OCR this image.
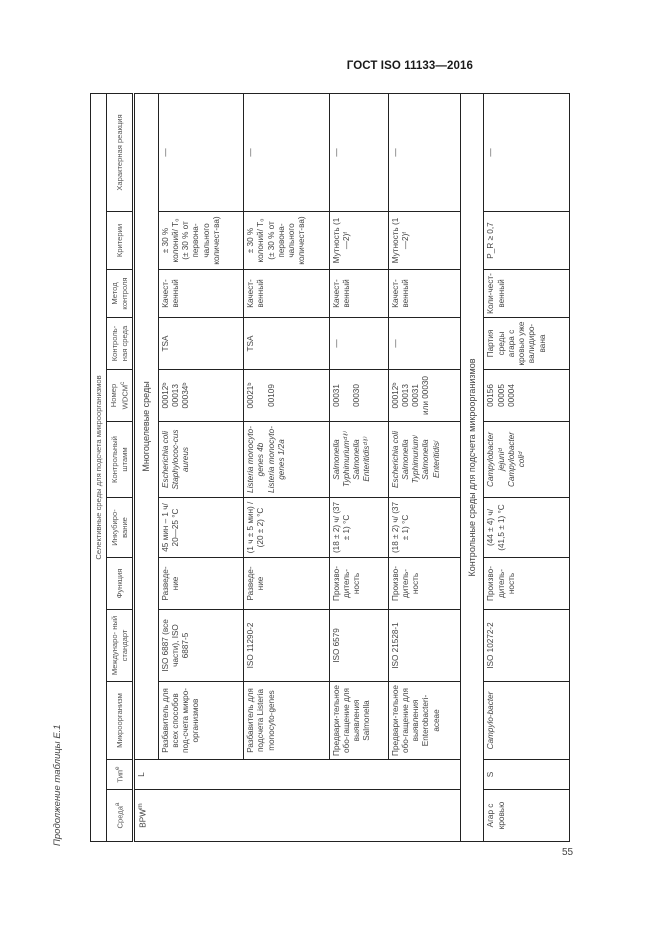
ГОСТ ISO 11133—2016
Продолжение таблицы Е.1
Селективные среды для подсчета микроорганизмов											
Среда$^a$	Тип$^e$	Микроорганизм	Междунаро- ный стандарт	Функция	Инкубиро- вание	Контрольный штамм	Номер WDCM$^c$	Контроль- ная среда	Метод контроля	Критерии	Характерная реакция
BPW$^m$	L	Многоцелевые среды									
		Разбавитель для всех способов под-счета микро-организмов	ISO 6887 (все части), ISO 6887-5	Разведе-ние	45 мин – 1 ч/ 20—25 °С	Escherichia coli
Staphylococ-cus aureus	00012ᵇ
00013
00034ᵇ	TSA	Качест-венный	± 30 % колоний/ T₀ (± 30 % от первона-чального количест-ва)	—
		Разбавитель для подсчета Listeria monocyto-genes	ISO 11290-2	Разведе-ние	(1 ч ± 5 мин) / (20 ± 2) °С	Listeria monocyto-genes 4b
Listeria monocyto-genes 1/2a	00021ᵇ 00109	TSA	Качест-венный	± 30 % колоний/ T₀ (± 30 % от первона-чального количест-ва)	—
		Предвари-тельное обо-гащение для выявления Salmonella	ISO 6579	Произво-дитель-ность	(18 ± 2) ч/ (37 ± 1) °С	Salmonella Typhimuriumᵈ⁾ʲ⁾
Salmonella Enteritidisᵈ⁾ʲ⁾	00031 00030	—	Качест-венный	Мутность (1—2)ᶠ	—
		Предвари-тельное обо-гащение для выявления Enterobacteri-aceae	ISO 21528-1	Произво-дитель-ность	(18 ± 2) ч/ (37 ± 1) °С	Escherichia coli
Salmonella Typhimuriumʲ
Salmonella Enteritidisʲ	00012ᵇ
00013
00031
или 00030	—	Качест-венный	Мутность (1—2)ᶠ	—
Контрольные среды для подсчета микроорганизмов											
Агар с кровью	S	Campylo-bacter	ISO 10272-2	Произво-дитель-ность	(44 ± 4) ч/ (41,5 ± 1) °С	Campylobacter jejuniᵈ
Campylobacter coliᵈ	00156
00005
00004	Партия среды агара с кровью уже валидиро-вана	Коли-чест-венный	P_R ≥ 0,7	—
55
